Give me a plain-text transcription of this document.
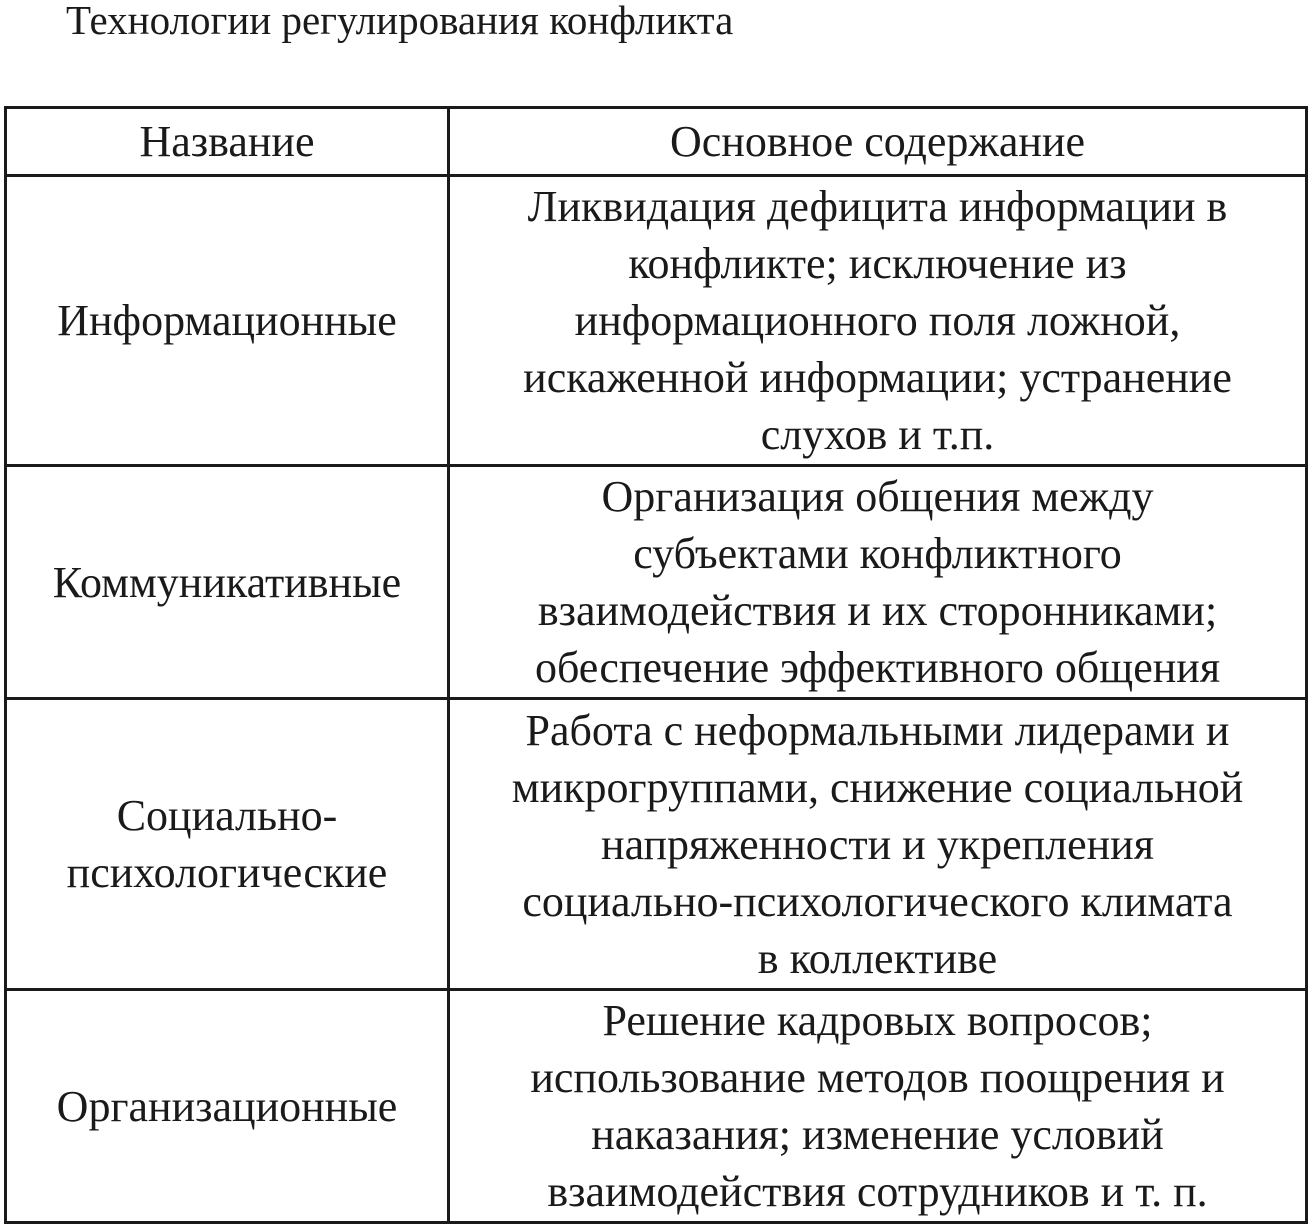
Технологии регулирования конфликта
Название	Основное содержание

Информационные	Ликвидация дефицита информации в
конфликте; исключение из
информационного поля ложной,
искаженной информации; устранение
слухов и т.п.

Коммуникативные	Организация общения между
субъектами конфликтного
взаимодействия и их сторонниками;
обеспечение эффективного общения

Социально-
психологические	Работа с неформальными лидерами и
микрогруппами, снижение социальной
напряженности и укрепления
социально-психологического климата
в коллективе

Организационные	Решение кадровых вопросов;
использование методов поощрения и
наказания; изменение условий
взаимодействия сотрудников и т. п.
